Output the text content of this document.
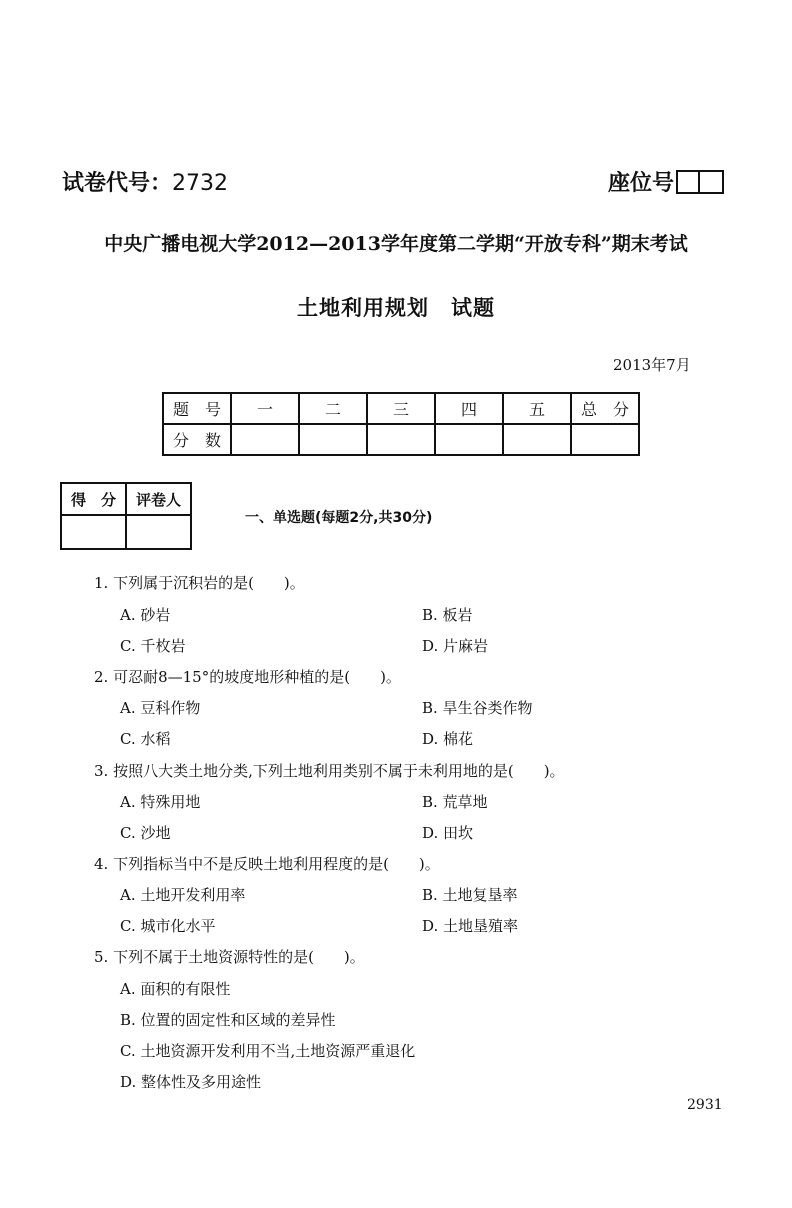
试卷代号：2732	座位号
中央广播电视大学2012—2013学年度第二学期“开放专科”期末考试
土地利用规划　试题
2013年7月
题　号	一	二	三	四	五	总　分
分　数						
得　分	评卷人

一、单选题(每题2分,共30分)
1. 下列属于沉积岩的是(　　)。
A. 砂岩	B. 板岩
C. 千枚岩	D. 片麻岩
2. 可忍耐8—15°的坡度地形种植的是(　　)。
A. 豆科作物	B. 旱生谷类作物
C. 水稻	D. 棉花
3. 按照八大类土地分类,下列土地利用类别不属于未利用地的是(　　)。
A. 特殊用地	B. 荒草地
C. 沙地	D. 田坎
4. 下列指标当中不是反映土地利用程度的是(　　)。
A. 土地开发利用率	B. 土地复垦率
C. 城市化水平	D. 土地垦殖率
5. 下列不属于土地资源特性的是(　　)。
A. 面积的有限性
B. 位置的固定性和区域的差异性
C. 土地资源开发利用不当,土地资源严重退化
D. 整体性及多用途性
2931
